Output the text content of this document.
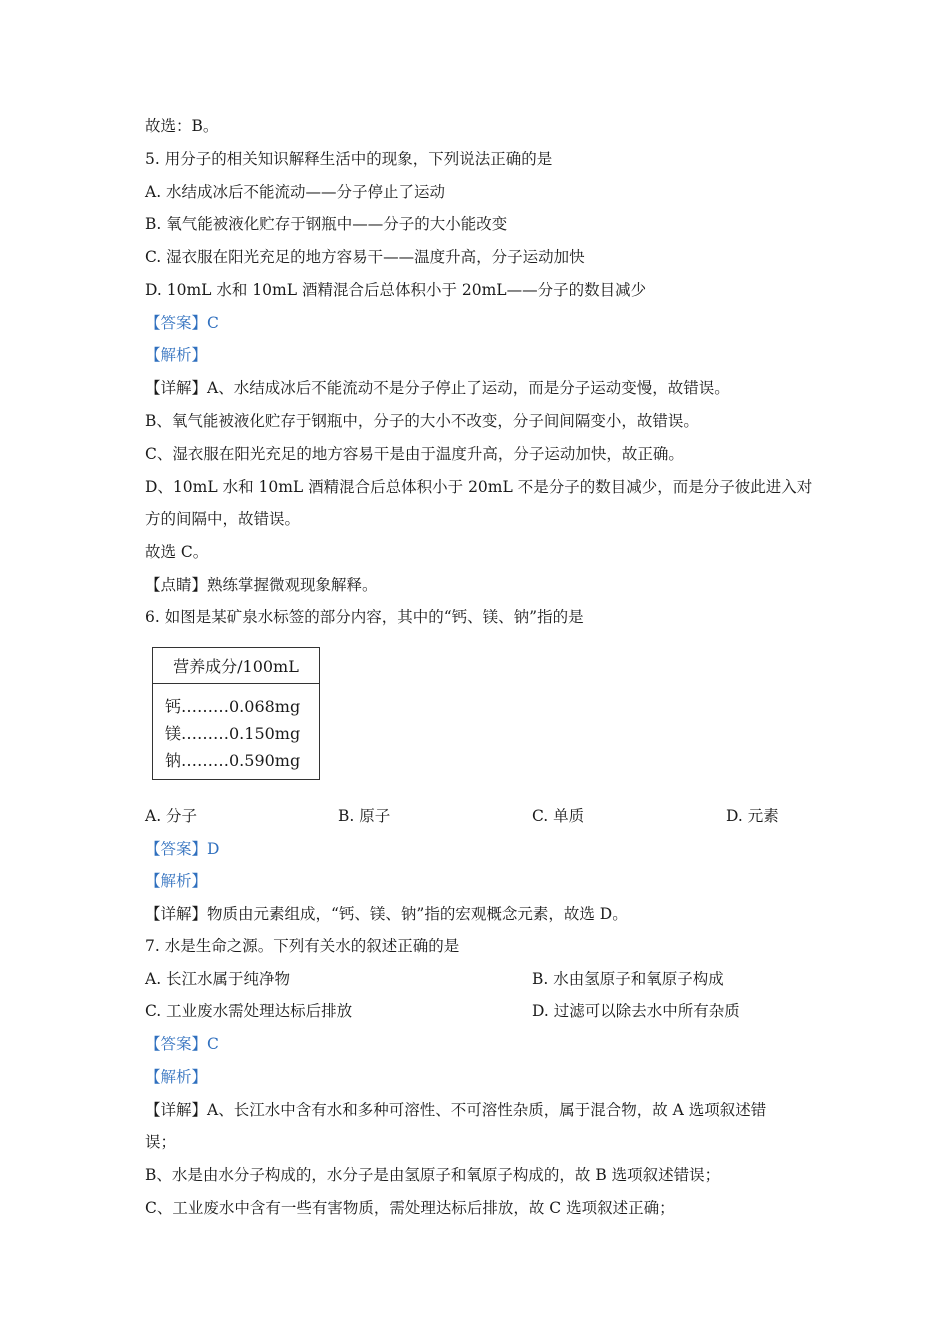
故选：B。
5. 用分子的相关知识解释生活中的现象，下列说法正确的是
A. 水结成冰后不能流动——分子停止了运动
B. 氧气能被液化贮存于钢瓶中——分子的大小能改变
C. 湿衣服在阳光充足的地方容易干——温度升高，分子运动加快
D. 10mL 水和 10mL 酒精混合后总体积小于 20mL——分子的数目减少
【答案】C
【解析】
【详解】A、水结成冰后不能流动不是分子停止了运动，而是分子运动变慢，故错误。
B、氧气能被液化贮存于钢瓶中，分子的大小不改变，分子间间隔变小，故错误。
C、湿衣服在阳光充足的地方容易干是由于温度升高，分子运动加快，故正确。
D、10mL 水和 10mL 酒精混合后总体积小于 20mL 不是分子的数目减少，而是分子彼此进入对
方的间隔中，故错误。
故选 C。
【点睛】熟练掌握微观现象解释。
6. 如图是某矿泉水标签的部分内容，其中的“钙、镁、钠”指的是
营养成分/100mL
钙………0.068mg
镁………0.150mg
钠………0.590mg
A. 分子	B. 原子	C. 单质	D. 元素
【答案】D
【解析】
【详解】物质由元素组成，“钙、镁、钠”指的宏观概念元素，故选 D。
7. 水是生命之源。下列有关水的叙述正确的是
A. 长江水属于纯净物	B. 水由氢原子和氧原子构成
C. 工业废水需处理达标后排放	D. 过滤可以除去水中所有杂质
【答案】C
【解析】
【详解】A、长江水中含有水和多种可溶性、不可溶性杂质，属于混合物，故 A 选项叙述错
误；
B、水是由水分子构成的，水分子是由氢原子和氧原子构成的，故 B 选项叙述错误；
C、工业废水中含有一些有害物质，需处理达标后排放，故 C 选项叙述正确；
